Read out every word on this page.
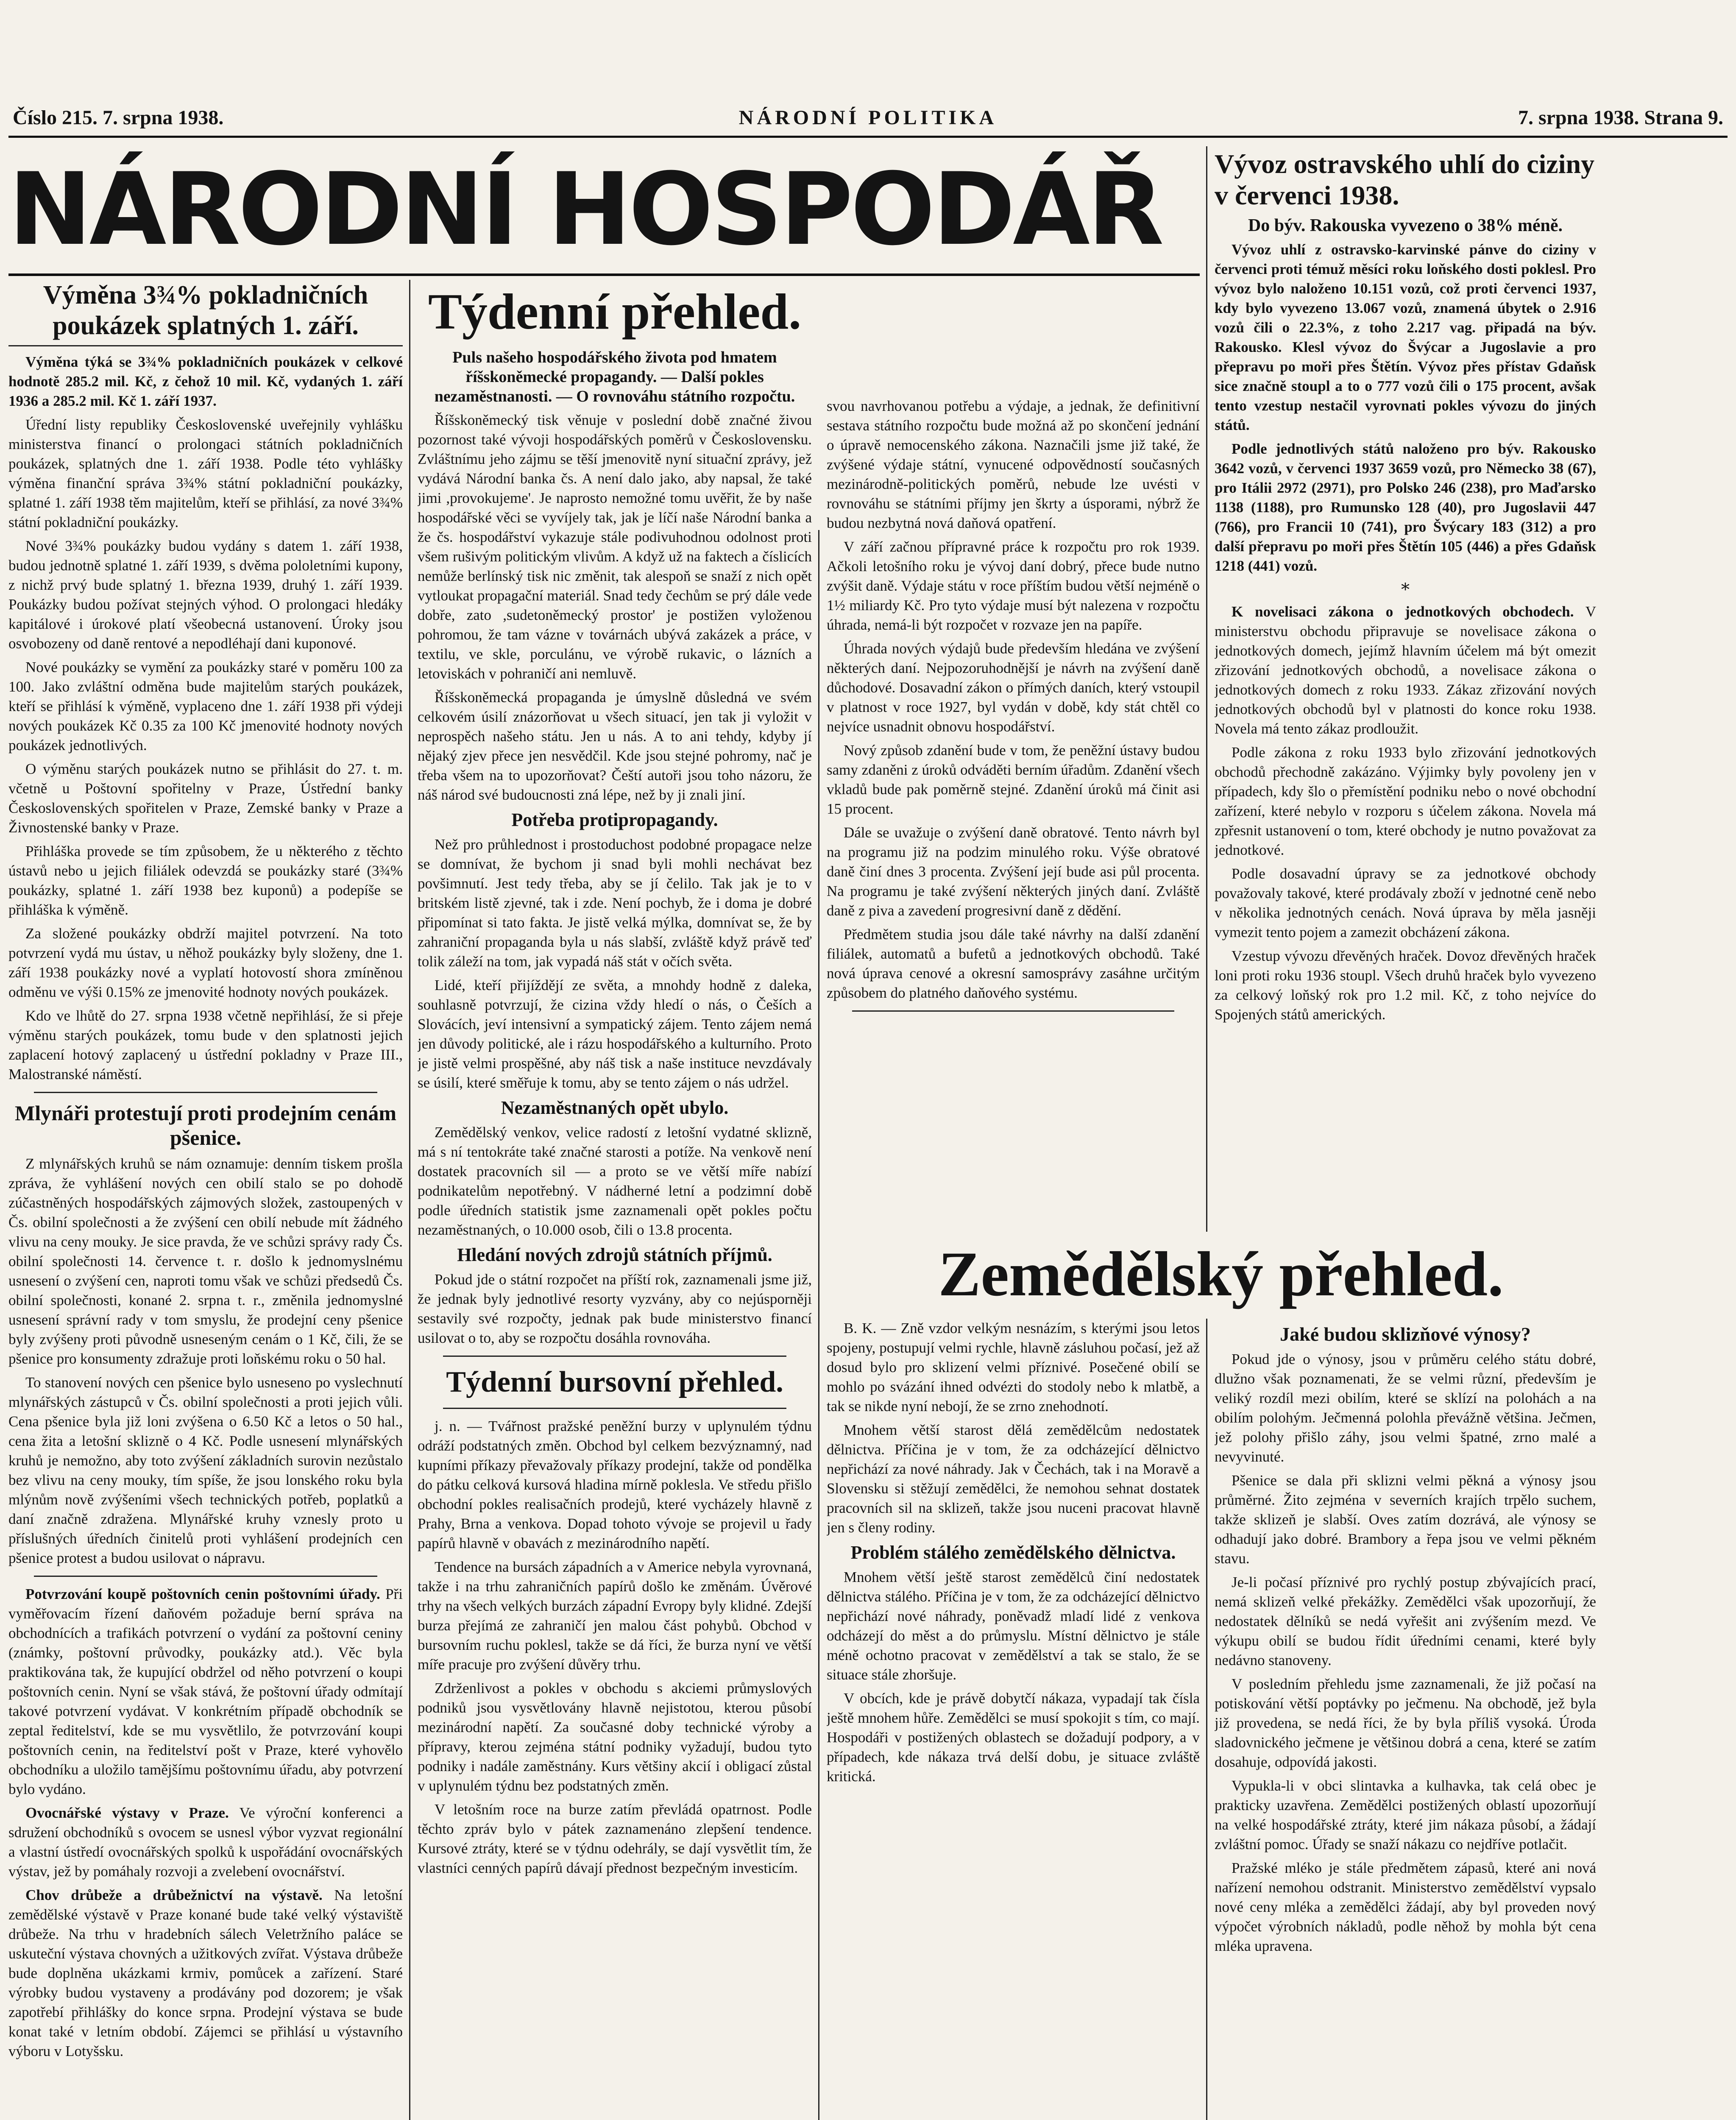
Číslo 215. 7. srpna 1938.	NÁRODNÍ POLITIKA	7. srpna 1938. Strana 9.
NÁRODNÍ HOSPODÁŘ
Výměna 3¾% pokladničních poukázek splatných 1. září.

Výměna týká se 3¾% pokladničních poukázek v celkové hodnotě 285.2 mil. Kč, z čehož 10 mil. Kč, vydaných 1. září 1936 a 285.2 mil. Kč 1. září 1937.

Úřední listy republiky Československé uveřejnily vyhlášku ministerstva financí o prolongaci státních pokladničních poukázek, splatných dne 1. září 1938. Podle této vyhlášky výměna finanční správa 3¾% státní pokladniční poukázky, splatné 1. září 1938 těm majitelům, kteří se přihlásí, za nové 3¾% státní pokladniční poukázky.

Nové 3¾% poukázky budou vydány s datem 1. září 1938, budou jednotně splatné 1. září 1939, s dvěma pololetními kupony, z nichž prvý bude splatný 1. března 1939, druhý 1. září 1939. Poukázky budou požívat stejných výhod. O prolongaci hledáky kapitálové i úrokové platí všeobecná ustanovení. Úroky jsou osvobozeny od daně rentové a nepodléhají dani kuponové.

Nové poukázky se vymění za poukázky staré v poměru 100 za 100. Jako zvláštní odměna bude majitelům starých poukázek, kteří se přihlásí k výměně, vyplaceno dne 1. září 1938 při výdeji nových poukázek Kč 0.35 za 100 Kč jmenovité hodnoty nových poukázek jednotlivých.

O výměnu starých poukázek nutno se přihlásit do 27. t. m. včetně u Poštovní spořitelny v Praze, Ústřední banky Československých spořitelen v Praze, Zemské banky v Praze a Živnostenské banky v Praze.

Přihláška provede se tím způsobem, že u některého z těchto ústavů nebo u jejich filiálek odevzdá se poukázky staré (3¾% poukázky, splatné 1. září 1938 bez kuponů) a podepíše se přihláška k výměně.

Za složené poukázky obdrží majitel potvrzení. Na toto potvrzení vydá mu ústav, u něhož poukázky byly složeny, dne 1. září 1938 poukázky nové a vyplatí hotovostí shora zmíněnou odměnu ve výši 0.15% ze jmenovité hodnoty nových poukázek.

Kdo ve lhůtě do 27. srpna 1938 včetně nepřihlásí, že si přeje výměnu starých poukázek, tomu bude v den splatnosti jejich zaplacení hotový zaplacený u ústřední pokladny v Praze III., Malostranské náměstí.

Mlynáři protestují proti prodejním cenám pšenice.

Z mlynářských kruhů se nám oznamuje: denním tiskem prošla zpráva, že vyhlášení nových cen obilí stalo se po dohodě zúčastněných hospodářských zájmových složek, zastoupených v Čs. obilní společnosti a že zvýšení cen obilí nebude mít žádného vlivu na ceny mouky. Je sice pravda, že ve schůzi správy rady Čs. obilní společnosti 14. července t. r. došlo k jednomyslnému usnesení o zvýšení cen, naproti tomu však ve schůzi předsedů Čs. obilní společnosti, konané 2. srpna t. r., změnila jednomyslné usnesení správní rady v tom smyslu, že prodejní ceny pšenice byly zvýšeny proti původně usneseným cenám o 1 Kč, čili, že se pšenice pro konsumenty zdražuje proti loňskému roku o 50 hal.

To stanovení nových cen pšenice bylo usneseno po vyslechnutí mlynářských zástupců v Čs. obilní společnosti a proti jejich vůli. Cena pšenice byla již loni zvýšena o 6.50 Kč a letos o 50 hal., cena žita a letošní sklizně o 4 Kč. Podle usnesení mlynářských kruhů je nemožno, aby toto zvýšení základních surovin nezůstalo bez vlivu na ceny mouky, tím spíše, že jsou lonského roku byla mlýnům nově zvýšeními všech technických potřeb, poplatků a daní značně zdražena. Mlynářské kruhy vznesly proto u příslušných úředních činitelů proti vyhlášení prodejních cen pšenice protest a budou usilovat o nápravu.

Potvrzování koupě poštovních cenin poštovními úřady. Při vyměřovacím řízení daňovém požaduje berní správa na obchodnících a trafikách potvrzení o vydání za poštovní ceniny (známky, poštovní průvodky, poukázky atd.). Věc byla praktikována tak, že kupující obdržel od něho potvrzení o koupi poštovních cenin. Nyní se však stává, že poštovní úřady odmítají takové potvrzení vydávat. V konkrétním případě obchodník se zeptal ředitelství, kde se mu vysvětlilo, že potvrzování koupi poštovních cenin, na ředitelství pošt v Praze, které vyhovělo obchodníku a uložilo tamějšímu poštovnímu úřadu, aby potvrzení bylo vydáno.

Ovocnářské výstavy v Praze. Ve výroční konferenci a sdružení obchodníků s ovocem se usnesl výbor vyzvat regionální a vlastní ústředí ovocnářských spolků k uspořádání ovocnářských výstav, jež by pomáhaly rozvoji a zvelebení ovocnářství.

Chov drůbeže a drůbežnictví na výstavě. Na letošní zemědělské výstavě v Praze konané bude také velký výstaviště drůbeže. Na trhu v hradebních sálech Veletržního paláce se uskuteční výstava chovných a užitkových zvířat. Výstava drůbeže bude doplněna ukázkami krmiv, pomůcek a zařízení. Staré výrobky budou vystaveny a prodávány pod dozorem; je však zapotřebí přihlášky do konce srpna. Prodejní výstava se bude konat také v letním období. Zájemci se přihlásí u výstavního výboru v Lotyšsku.

Týdenní přehled.
Puls našeho hospodářského života pod hmatem říšskoněmecké propagandy. — Další pokles nezaměstnanosti. — O rovnováhu státního rozpočtu.

Říšskoněmecký tisk věnuje v poslední době značné živou pozornost také vývoji hospodářských poměrů v Československu. Zvláštnímu jeho zájmu se těší jmenovitě nyní situační zprávy, jež vydává Národní banka čs. A není dalo jako, aby napsal, že také jimi ,provokujeme'. Je naprosto nemožné tomu uvěřit, že by naše hospodářské věci se vyvíjely tak, jak je líčí naše Národní banka a že čs. hospodářství vykazuje stále podivuhodnou odolnost proti všem rušivým politickým vlivům. A když už na faktech a číslicích nemůže berlínský tisk nic změnit, tak alespoň se snaží z nich opět vytloukat propagační materiál. Snad tedy čechům se prý dále vede dobře, zato ,sudetoněmecký prostor' je postižen vyloženou pohromou, že tam vázne v továrnách ubývá zakázek a práce, v textilu, ve skle, porculánu, ve výrobě rukavic, o lázních a letoviskách v pohraničí ani nemluvě.

Říšskoněmecká propaganda je úmyslně důsledná ve svém celkovém úsilí znázorňovat u všech situací, jen tak ji vyložit v neprospěch našeho státu. Jen u nás. A to ani tehdy, kdyby jí nějaký zjev přece jen nesvědčil. Kde jsou stejné pohromy, nač je třeba všem na to upozorňovat? Čeští autoři jsou toho názoru, že náš národ své budoucnosti zná lépe, než by ji znali jiní.

Potřeba protipropagandy.

Než pro průhlednost i prostoduchost podobné propagace nelze se domnívat, že bychom ji snad byli mohli nechávat bez povšimnutí. Jest tedy třeba, aby se jí čelilo. Tak jak je to v britském listě zjevné, tak i zde. Není pochyb, že i doma je dobré připomínat si tato fakta. Je jistě velká mýlka, domnívat se, že by zahraniční propaganda byla u nás slabší, zvláště když právě teď tolik záleží na tom, jak vypadá náš stát v očích světa.

Lidé, kteří přijíždějí ze světa, a mnohdy hodně z daleka, souhlasně potvrzují, že cizina vždy hledí o nás, o Češích a Slovácích, jeví intensivní a sympatický zájem. Tento zájem nemá jen důvody politické, ale i rázu hospodářského a kulturního. Proto je jistě velmi prospěšné, aby náš tisk a naše instituce nevzdávaly se úsilí, které směřuje k tomu, aby se tento zájem o nás udržel.

Nezaměstnaných opět ubylo.

Zemědělský venkov, velice radostí z letošní vydatné sklizně, má s ní tentokráte také značné starosti a potíže. Na venkově není dostatek pracovních sil — a proto se ve větší míře nabízí podnikatelům nepotřebný. V nádherné letní a podzimní době podle úředních statistik jsme zaznamenali opět pokles počtu nezaměstnaných, o 10.000 osob, čili o 13.8 procenta.

Hledání nových zdrojů státních příjmů.

Pokud jde o státní rozpočet na příští rok, zaznamenali jsme již, že jednak byly jednotlivé resorty vyzvány, aby co nejúsporněji sestavily své rozpočty, jednak pak bude ministerstvo financí usilovat o to, aby se rozpočtu dosáhla rovnováha.

Týdenní bursovní přehled.

j. n. — Tvářnost pražské peněžní burzy v uplynulém týdnu odráží podstatných změn. Obchod byl celkem bezvýznamný, nad kupními příkazy převažovaly příkazy prodejní, takže od pondělka do pátku celková kursová hladina mírně poklesla. Ve středu přišlo obchodní pokles realisačních prodejů, které vycházely hlavně z Prahy, Brna a venkova. Dopad tohoto vývoje se projevil u řady papírů hlavně v obavách z mezinárodního napětí.

Tendence na bursách západních a v Americe nebyla vyrovnaná, takže i na trhu zahraničních papírů došlo ke změnám. Úvěrové trhy na všech velkých burzách západní Evropy byly klidné. Zdejší burza přejímá ze zahraničí jen malou část pohybů. Obchod v bursovním ruchu poklesl, takže se dá říci, že burza nyní ve větší míře pracuje pro zvýšení důvěry trhu.

Zdrženlivost a pokles v obchodu s akciemi průmyslových podniků jsou vysvětlovány hlavně nejistotou, kterou působí mezinárodní napětí. Za současné doby technické výroby a přípravy, kterou zejména státní podniky vyžadují, budou tyto podniky i nadále zaměstnány. Kurs většiny akcií i obligací zůstal v uplynulém týdnu bez podstatných změn.

V letošním roce na burze zatím převládá opatrnost. Podle těchto zpráv bylo v pátek zaznamenáno zlepšení tendence. Kursové ztráty, které se v týdnu odehrály, se dají vysvětlit tím, že vlastníci cenných papírů dávají přednost bezpečným investicím.

svou navrhovanou potřebu a výdaje, a jednak, že definitivní sestava státního rozpočtu bude možná až po skončení jednání o úpravě nemocenského zákona. Naznačili jsme již také, že zvýšené výdaje státní, vynucené odpovědností současných mezinárodně-politických poměrů, nebude lze uvésti v rovnováhu se státními příjmy jen škrty a úsporami, nýbrž že budou nezbytná nová daňová opatření.

V září začnou přípravné práce k rozpočtu pro rok 1939. Ačkoli letošního roku je vývoj daní dobrý, přece bude nutno zvýšit daně. Výdaje státu v roce příštím budou větší nejméně o 1½ miliardy Kč. Pro tyto výdaje musí být nalezena v rozpočtu úhrada, nemá-li být rozpočet v rozvaze jen na papíře.

Úhrada nových výdajů bude především hledána ve zvýšení některých daní. Nejpozoruhodnější je návrh na zvýšení daně důchodové. Dosavadní zákon o přímých daních, který vstoupil v platnost v roce 1927, byl vydán v době, kdy stát chtěl co nejvíce usnadnit obnovu hospodářství.

Nový způsob zdanění bude v tom, že peněžní ústavy budou samy zdaněni z úroků odváděti berním úřadům. Zdanění všech vkladů bude pak poměrně stejné. Zdanění úroků má činit asi 15 procent.

Dále se uvažuje o zvýšení daně obratové. Tento návrh byl na programu již na podzim minulého roku. Výše obratové daně činí dnes 3 procenta. Zvýšení její bude asi půl procenta. Na programu je také zvýšení některých jiných daní. Zvláště daně z piva a zavedení progresivní daně z dědění.

Předmětem studia jsou dále také návrhy na další zdanění filiálek, automatů a bufetů a jednotkových obchodů. Také nová úprava cenové a okresní samosprávy zasáhne určitým způsobem do platného daňového systému.

Zemědělský přehled.

B. K. — Zně vzdor velkým nesnázím, s kterými jsou letos spojeny, postupují velmi rychle, hlavně zásluhou počasí, jež až dosud bylo pro sklizení velmi příznivé. Posečené obilí se mohlo po svázání ihned odvézti do stodoly nebo k mlatbě, a tak se nikde nyní nebojí, že se zrno znehodnotí.

Mnohem větší starost dělá zemědělcům nedostatek dělnictva. Příčina je v tom, že za odcházející dělnictvo nepřichází za nové náhrady. Jak v Čechách, tak i na Moravě a Slovensku si stěžují zemědělci, že nemohou sehnat dostatek pracovních sil na sklizeň, takže jsou nuceni pracovat hlavně jen s členy rodiny.

Problém stálého zemědělského dělnictva.

Mnohem větší ještě starost zemědělců činí nedostatek dělnictva stálého. Příčina je v tom, že za odcházející dělnictvo nepřichází nové náhrady, poněvadž mladí lidé z venkova odcházejí do měst a do průmyslu. Místní dělnictvo je stále méně ochotno pracovat v zemědělství a tak se stalo, že se situace stále zhoršuje.

V obcích, kde je právě dobytčí nákaza, vypadají tak čísla ještě mnohem hůře. Zemědělci se musí spokojit s tím, co mají. Hospodáři v postižených oblastech se dožadují podpory, a v případech, kde nákaza trvá delší dobu, je situace zvláště kritická.

Vývoz ostravského uhlí do ciziny v červenci 1938.
Do býv. Rakouska vyvezeno o 38% méně.

Vývoz uhlí z ostravsko-karvinské pánve do ciziny v červenci proti témuž měsíci roku loňského dosti poklesl. Pro vývoz bylo naloženo 10.151 vozů, což proti červenci 1937, kdy bylo vyvezeno 13.067 vozů, znamená úbytek o 2.916 vozů čili o 22.3%, z toho 2.217 vag. připadá na býv. Rakousko. Klesl vývoz do Švýcar a Jugoslavie a pro přepravu po moři přes Štětín. Vývoz přes přístav Gdaňsk sice značně stoupl a to o 777 vozů čili o 175 procent, avšak tento vzestup nestačil vyrovnati pokles vývozu do jiných států.

Podle jednotlivých států naloženo pro býv. Rakousko 3642 vozů, v červenci 1937 3659 vozů, pro Německo 38 (67), pro Itálii 2972 (2971), pro Polsko 246 (238), pro Maďarsko 1138 (1188), pro Rumunsko 128 (40), pro Jugoslavii 447 (766), pro Francii 10 (741), pro Švýcary 183 (312) a pro další přepravu po moři přes Štětín 105 (446) a přes Gdaňsk 1218 (441) vozů.

*

K novelisaci zákona o jednotkových obchodech. V ministerstvu obchodu připravuje se novelisace zákona o jednotkových domech, jejímž hlavním účelem má být omezit zřizování jednotkových obchodů, a novelisace zákona o jednotkových domech z roku 1933. Zákaz zřizování nových jednotkových obchodů byl v platnosti do konce roku 1938. Novela má tento zákaz prodloužit.

Podle zákona z roku 1933 bylo zřizování jednotkových obchodů přechodně zakázáno. Výjimky byly povoleny jen v případech, kdy šlo o přemístění podniku nebo o nové obchodní zařízení, které nebylo v rozporu s účelem zákona. Novela má zpřesnit ustanovení o tom, které obchody je nutno považovat za jednotkové.

Podle dosavadní úpravy se za jednotkové obchody považovaly takové, které prodávaly zboží v jednotné ceně nebo v několika jednotných cenách. Nová úprava by měla jasněji vymezit tento pojem a zamezit obcházení zákona.

Vzestup vývozu dřevěných hraček. Dovoz dřevěných hraček loni proti roku 1936 stoupl. Všech druhů hraček bylo vyvezeno za celkový loňský rok pro 1.2 mil. Kč, z toho nejvíce do Spojených států amerických.

Jaké budou sklizňové výnosy?

Pokud jde o výnosy, jsou v průměru celého státu dobré, dlužno však poznamenati, že se velmi různí, především je veliký rozdíl mezi obilím, které se sklízí na polohách a na obilím polohým. Ječmenná polohla převážně většina. Ječmen, jež polohy přišlo záhy, jsou velmi špatné, zrno malé a nevyvinuté.

Pšenice se dala při sklizni velmi pěkná a výnosy jsou průměrné. Žito zejména v severních krajích trpělo suchem, takže sklizeň je slabší. Oves zatím dozrává, ale výnosy se odhadují jako dobré. Brambory a řepa jsou ve velmi pěkném stavu.

Je-li počasí příznivé pro rychlý postup zbývajících prací, nemá sklizeň velké překážky. Zemědělci však upozorňují, že nedostatek dělníků se nedá vyřešit ani zvýšením mezd. Ve výkupu obilí se budou řídit úředními cenami, které byly nedávno stanoveny.

V posledním přehledu jsme zaznamenali, že již počasí na potiskování větší poptávky po ječmenu. Na obchodě, jež byla již provedena, se nedá říci, že by byla příliš vysoká. Úroda sladovnického ječmene je většinou dobrá a cena, které se zatím dosahuje, odpovídá jakosti.

Vypukla-li v obci slintavka a kulhavka, tak celá obec je prakticky uzavřena. Zemědělci postižených oblastí upozorňují na velké hospodářské ztráty, které jim nákaza působí, a žádají zvláštní pomoc. Úřady se snaží nákazu co nejdříve potlačit.

Pražské mléko je stále předmětem zápasů, které ani nová nařízení nemohou odstranit. Ministerstvo zemědělství vypsalo nové ceny mléka a zemědělci žádají, aby byl proveden nový výpočet výrobních nákladů, podle něhož by mohla být cena mléka upravena.
